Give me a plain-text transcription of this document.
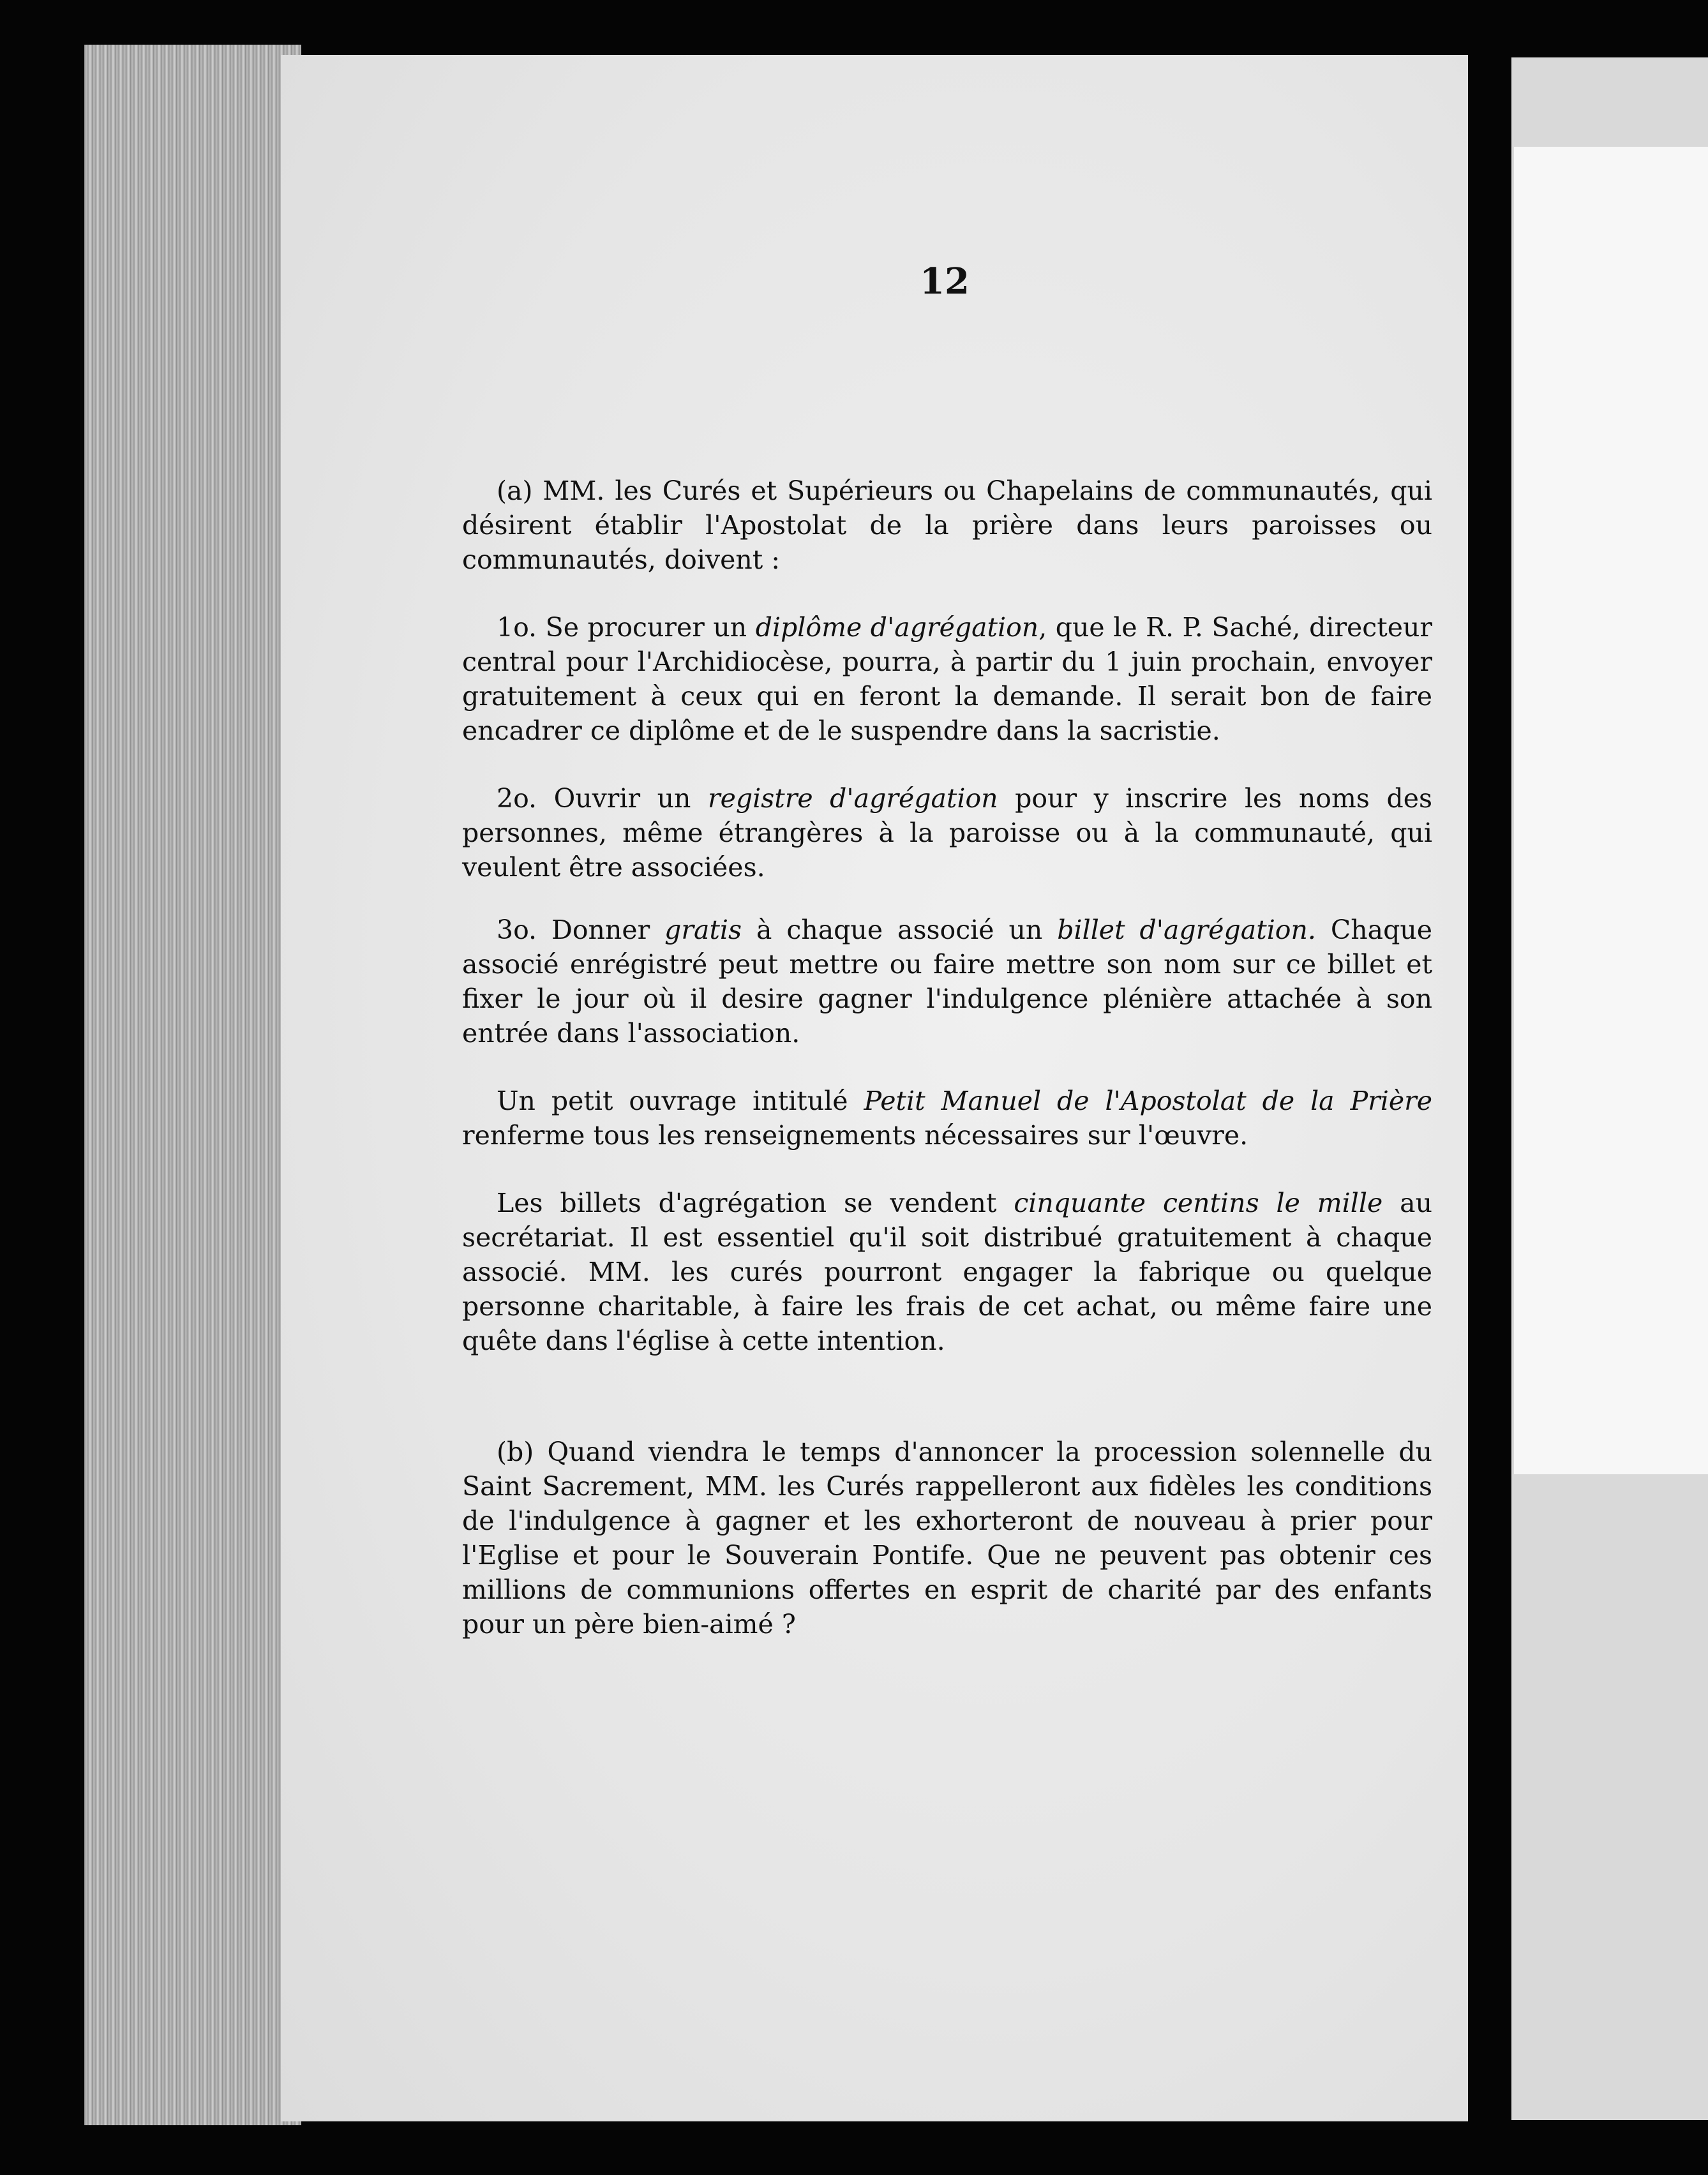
12

(a) MM. les Curés et Supérieurs ou Chapelains de communautés, qui désirent établir l'Apostolat de la prière dans leurs paroisses ou communautés, doivent :

1o. Se procurer un diplôme d'agrégation, que le R. P. Saché, directeur central pour l'Archidiocèse, pourra, à partir du 1 juin prochain, envoyer gratuitement à ceux qui en feront la demande. Il serait bon de faire encadrer ce diplôme et de le suspendre dans la sacristie.

2o. Ouvrir un registre d'agrégation pour y inscrire les noms des personnes, même étrangères à la paroisse ou à la communauté, qui veulent être associées.

3o. Donner gratis à chaque associé un billet d'agrégation. Chaque associé enrégistré peut mettre ou faire mettre son nom sur ce billet et fixer le jour où il desire gagner l'indulgence plénière attachée à son entrée dans l'association.

Un petit ouvrage intitulé Petit Manuel de l'Apostolat de la Prière renferme tous les renseignements nécessaires sur l'œuvre.

Les billets d'agrégation se vendent cinquante centins le mille au secrétariat. Il est essentiel qu'il soit distribué gratuitement à chaque associé. MM. les curés pourront engager la fabrique ou quelque personne charitable, à faire les frais de cet achat, ou même faire une quête dans l'église à cette intention.

(b) Quand viendra le temps d'annoncer la procession solennelle du Saint Sacrement, MM. les Curés rappelleront aux fidèles les conditions de l'indulgence à gagner et les exhorteront de nouveau à prier pour l'Eglise et pour le Souverain Pontife. Que ne peuvent pas obtenir ces millions de communions offertes en esprit de charité par des enfants pour un père bien-aimé ?
